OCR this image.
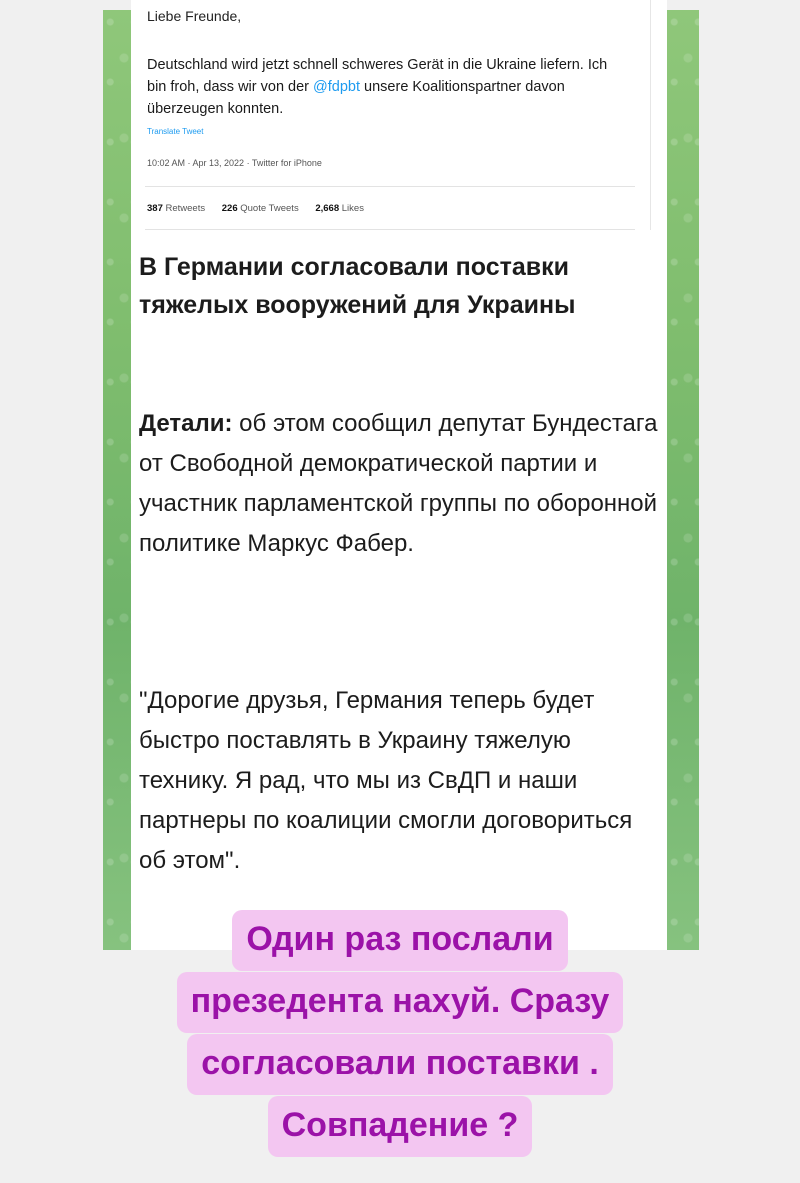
Liebe Freunde,
Deutschland wird jetzt schnell schweres Gerät in die Ukraine liefern. Ich bin froh, dass wir von der @fdpbt unsere Koalitionspartner davon überzeugen konnten.
Translate Tweet
10:02 AM · Apr 13, 2022 · Twitter for iPhone
387 Retweets 226 Quote Tweets 2,668 Likes
В Германии согласовали поставки тяжелых вооружений для Украины
Детали: об этом сообщил депутат Бундестага от Свободной демократической партии и участник парламентской группы по оборонной политике Маркус Фабер.
"Дорогие друзья, Германия теперь будет быстро поставлять в Украину тяжелую технику. Я рад, что мы из СвДП и наши партнеры по коалиции смогли договориться об этом".
Один раз послали
презедента нахуй. Сразу
согласовали поставки .
Совпадение ?
